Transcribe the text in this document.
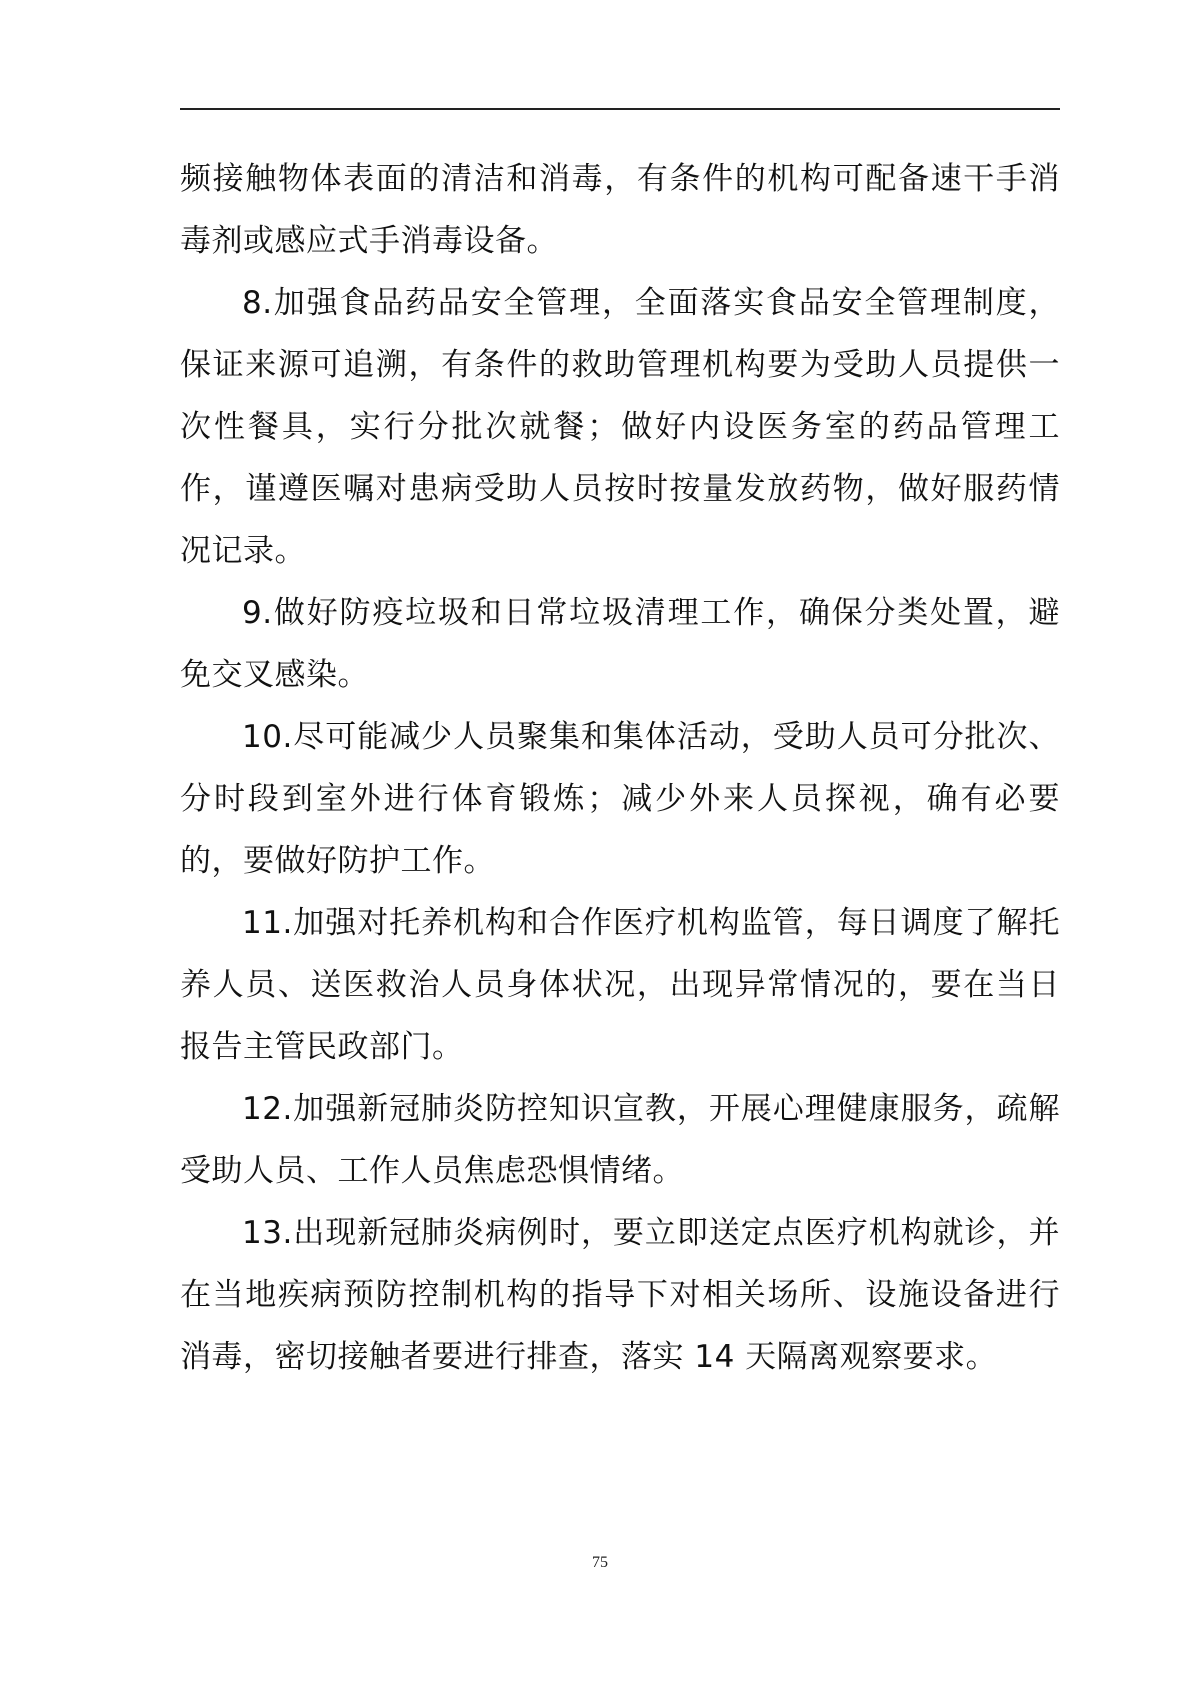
频接触物体表面的清洁和消毒，有条件的机构可配备速干手消毒剂或感应式手消毒设备。

8.加强食品药品安全管理，全面落实食品安全管理制度，保证来源可追溯，有条件的救助管理机构要为受助人员提供一次性餐具，实行分批次就餐；做好内设医务室的药品管理工作，谨遵医嘱对患病受助人员按时按量发放药物，做好服药情况记录。

9.做好防疫垃圾和日常垃圾清理工作，确保分类处置，避免交叉感染。

10.尽可能减少人员聚集和集体活动，受助人员可分批次、分时段到室外进行体育锻炼；减少外来人员探视，确有必要的，要做好防护工作。

11.加强对托养机构和合作医疗机构监管，每日调度了解托养人员、送医救治人员身体状况，出现异常情况的，要在当日报告主管民政部门。

12.加强新冠肺炎防控知识宣教，开展心理健康服务，疏解受助人员、工作人员焦虑恐惧情绪。

13.出现新冠肺炎病例时，要立即送定点医疗机构就诊，并在当地疾病预防控制机构的指导下对相关场所、设施设备进行消毒，密切接触者要进行排查，落实 14 天隔离观察要求。

75
